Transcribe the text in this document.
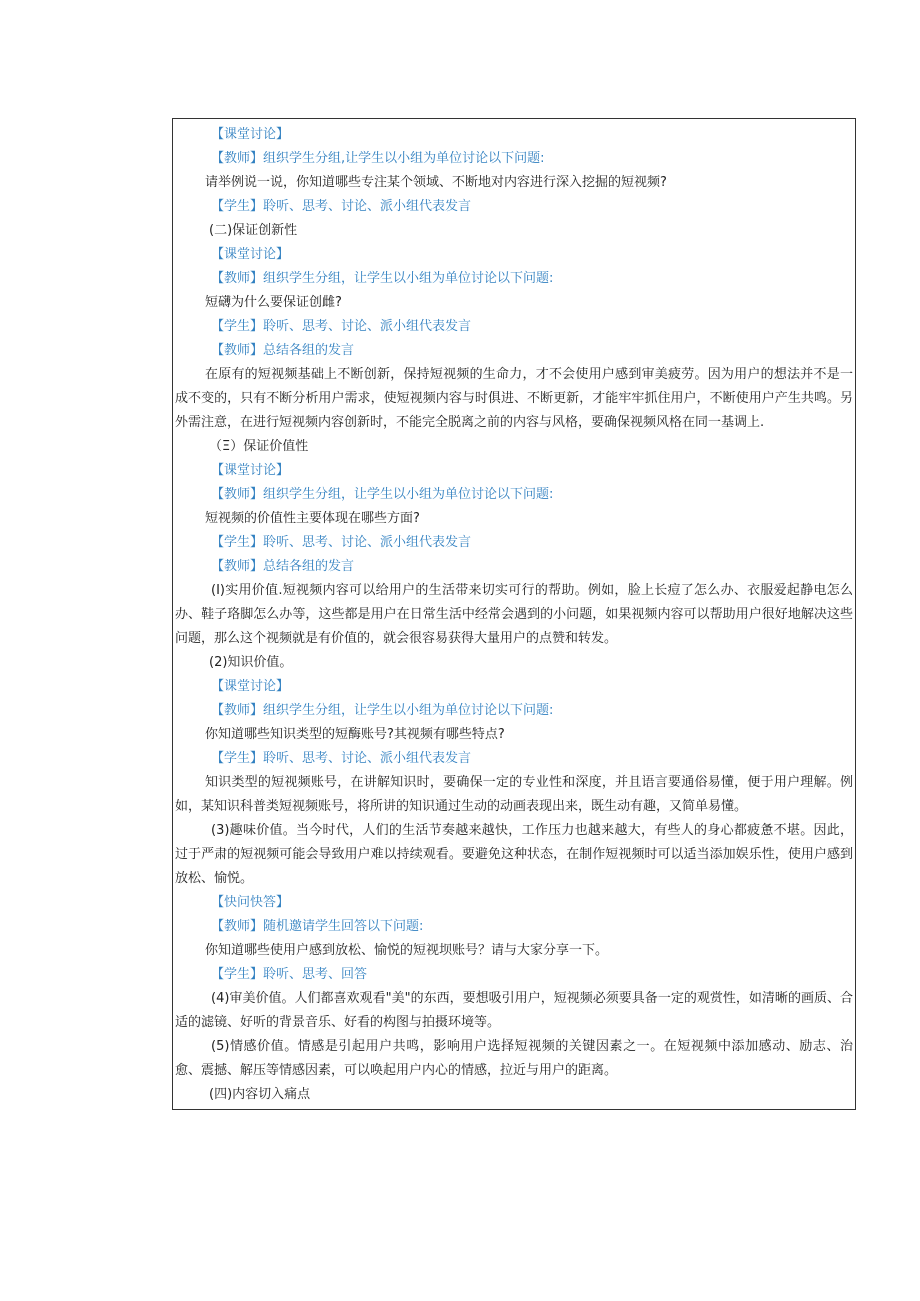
【课堂讨论】
【教师】组织学生分组,让学生以小组为单位讨论以下问题:
请举例说一说，你知道哪些专注某个领域、不断地对内容进行深入挖掘的短视频?
【学生】聆听、思考、讨论、派小组代表发言
(二)保证创新性
【课堂讨论】
【教师】组织学生分组，让学生以小组为单位讨论以下问题:
短礴为什么要保证创雌?
【学生】聆听、思考、讨论、派小组代表发言
【教师】总结各组的发言

在原有的短视频基础上不断创新，保持短视频的生命力，才不会使用户感到审美疲劳。因为用户的想法并不是一成不变的，只有不断分析用户需求，使短视频内容与时俱进、不断更新，才能牢牢抓住用户，不断使用户产生共鸣。另外需注意，在进行短视频内容创新时，不能完全脱离之前的内容与风格，要确保视频风格在同一基调上.

（Ξ）保证价值性
【课堂讨论】
【教师】组织学生分组，让学生以小组为单位讨论以下问题:
短视频的价值性主要体现在哪些方面?
【学生】聆听、思考、讨论、派小组代表发言
【教师】总结各组的发言

(I)实用价值.短视频内容可以给用户的生活带来切实可行的帮助。例如，脸上长痘了怎么办、衣服爱起静电怎么办、鞋子珞脚怎么办等，这些都是用户在日常生活中经常会遇到的小问题，如果视频内容可以帮助用户很好地解决这些问题，那么这个视频就是有价值的，就会很容易获得大量用户的点赞和转发。

(2)知识价值。
【课堂讨论】
【教师】组织学生分组，让学生以小组为单位讨论以下问题:
你知道哪些知识类型的短酶账号?其视频有哪些特点?
【学生】聆听、思考、讨论、派小组代表发言

知识类型的短视频账号，在讲解知识时，要确保一定的专业性和深度，并且语言要通俗易懂，便于用户理解。例如，某知识科普类短视频账号，将所讲的知识通过生动的动画表现出来，既生动有趣，又简单易懂。

(3)趣味价值。当今时代，人们的生活节奏越来越快，工作压力也越来越大，有些人的身心都疲惫不堪。因此，过于严肃的短视频可能会导致用户难以持续观看。要避免这种状态，在制作短视频时可以适当添加娱乐性，使用户感到放松、愉悦。

【快问快答】
【教师】随机邀请学生回答以下问题:
你知道哪些使用户感到放松、愉悦的短视坝账号？请与大家分享一下。
【学生】聆听、思考、回答

(4)审美价值。人们都喜欢观看"美"的东西，要想吸引用户，短视频必须要具备一定的观赏性，如清晰的画质、合适的滤镜、好听的背景音乐、好看的构图与拍摄环境等。

(5)情感价值。情感是引起用户共鸣，影响用户选择短视频的关键因素之一。在短视频中添加感动、励志、治愈、震撼、解压等情感因素，可以唤起用户内心的情感，拉近与用户的距离。

(四)内容切入痛点
